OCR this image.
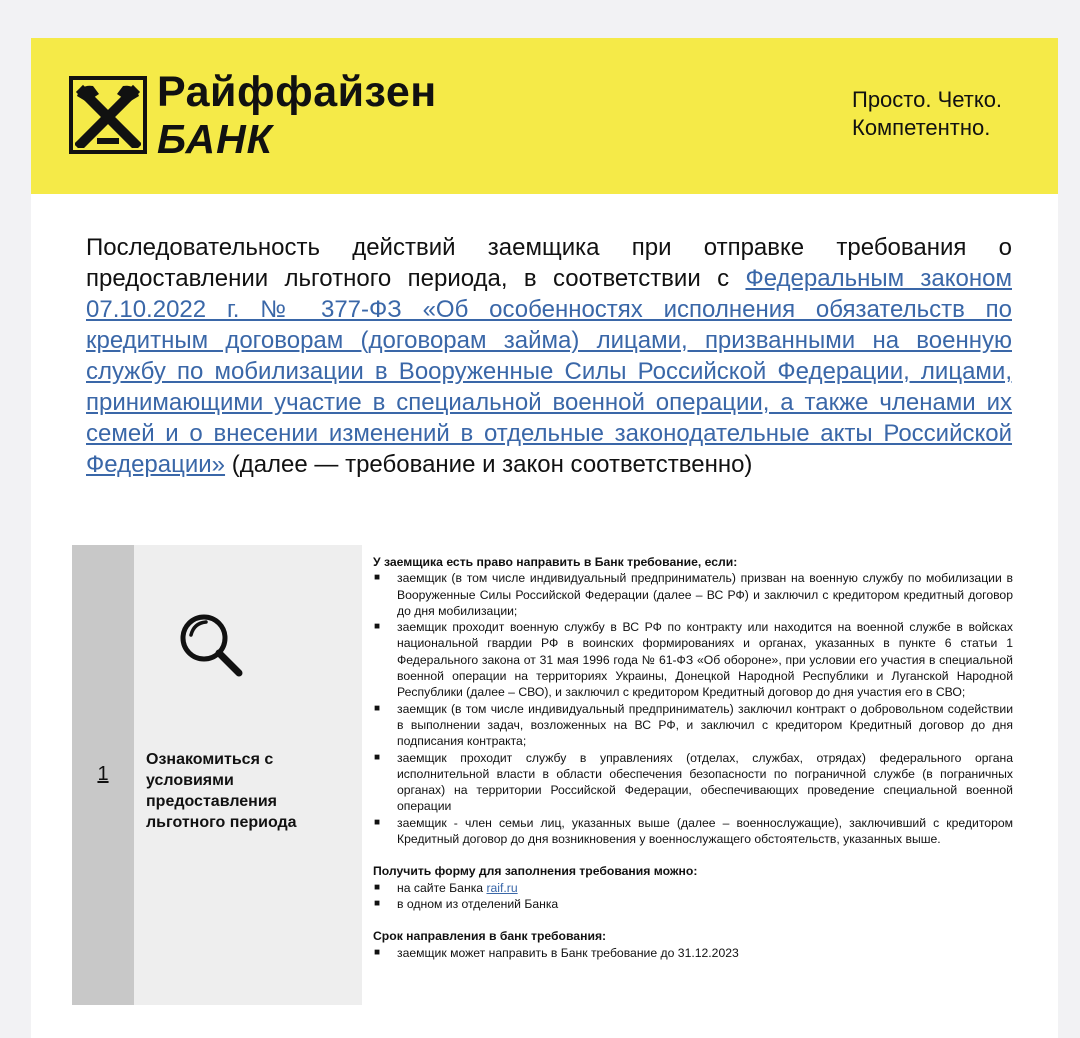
Райффайзен
БАНК
Просто. Четко.
Компетентно.
Последовательность действий заемщика при отправке требования о предоставлении льготного периода, в соответствии с Федеральным законом 07.10.2022 г. № 377-ФЗ «Об особенностях исполнения обязательств по кредитным договорам (договорам займа) лицами, призванными на военную службу по мобилизации в Вооруженные Силы Российской Федерации, лицами, принимающими участие в специальной военной операции, а также членами их семей и о внесении изменений в отдельные законодательные акты Российской Федерации» (далее — требование и закон соответственно)
1
Ознакомиться с условиями предоставления льготного периода
У заемщика есть право направить в Банк требование, если:
■ заемщик (в том числе индивидуальный предприниматель) призван на военную службу по мобилизации в Вооруженные Силы Российской Федерации (далее – ВС РФ) и заключил с кредитором кредитный договор до дня мобилизации;
■ заемщик проходит военную службу в ВС РФ по контракту или находится на военной службе в войсках национальной гвардии РФ в воинских формированиях и органах, указанных в пункте 6 статьи 1 Федерального закона от 31 мая 1996 года № 61-ФЗ «Об обороне», при условии его участия в специальной военной операции на территориях Украины, Донецкой Народной Республики и Луганской Народной Республики (далее – СВО), и заключил с кредитором Кредитный договор до дня участия его в СВО;
■ заемщик (в том числе индивидуальный предприниматель) заключил контракт о добровольном содействии в выполнении задач, возложенных на ВС РФ, и заключил с кредитором Кредитный договор до дня подписания контракта;
■ заемщик проходит службу в управлениях (отделах, службах, отрядах) федерального органа исполнительной власти в области обеспечения безопасности по пограничной службе (в пограничных органах) на территории Российской Федерации, обеспечивающих проведение специальной военной операции
■ заемщик - член семьи лиц, указанных выше (далее – военнослужащие), заключивший с кредитором Кредитный договор до дня возникновения у военнослужащего обстоятельств, указанных выше.
Получить форму для заполнения требования можно:
■ на сайте Банка raif.ru
■ в одном из отделений Банка
Срок направления в банк требования:
■ заемщик может направить в Банк требование до 31.12.2023
